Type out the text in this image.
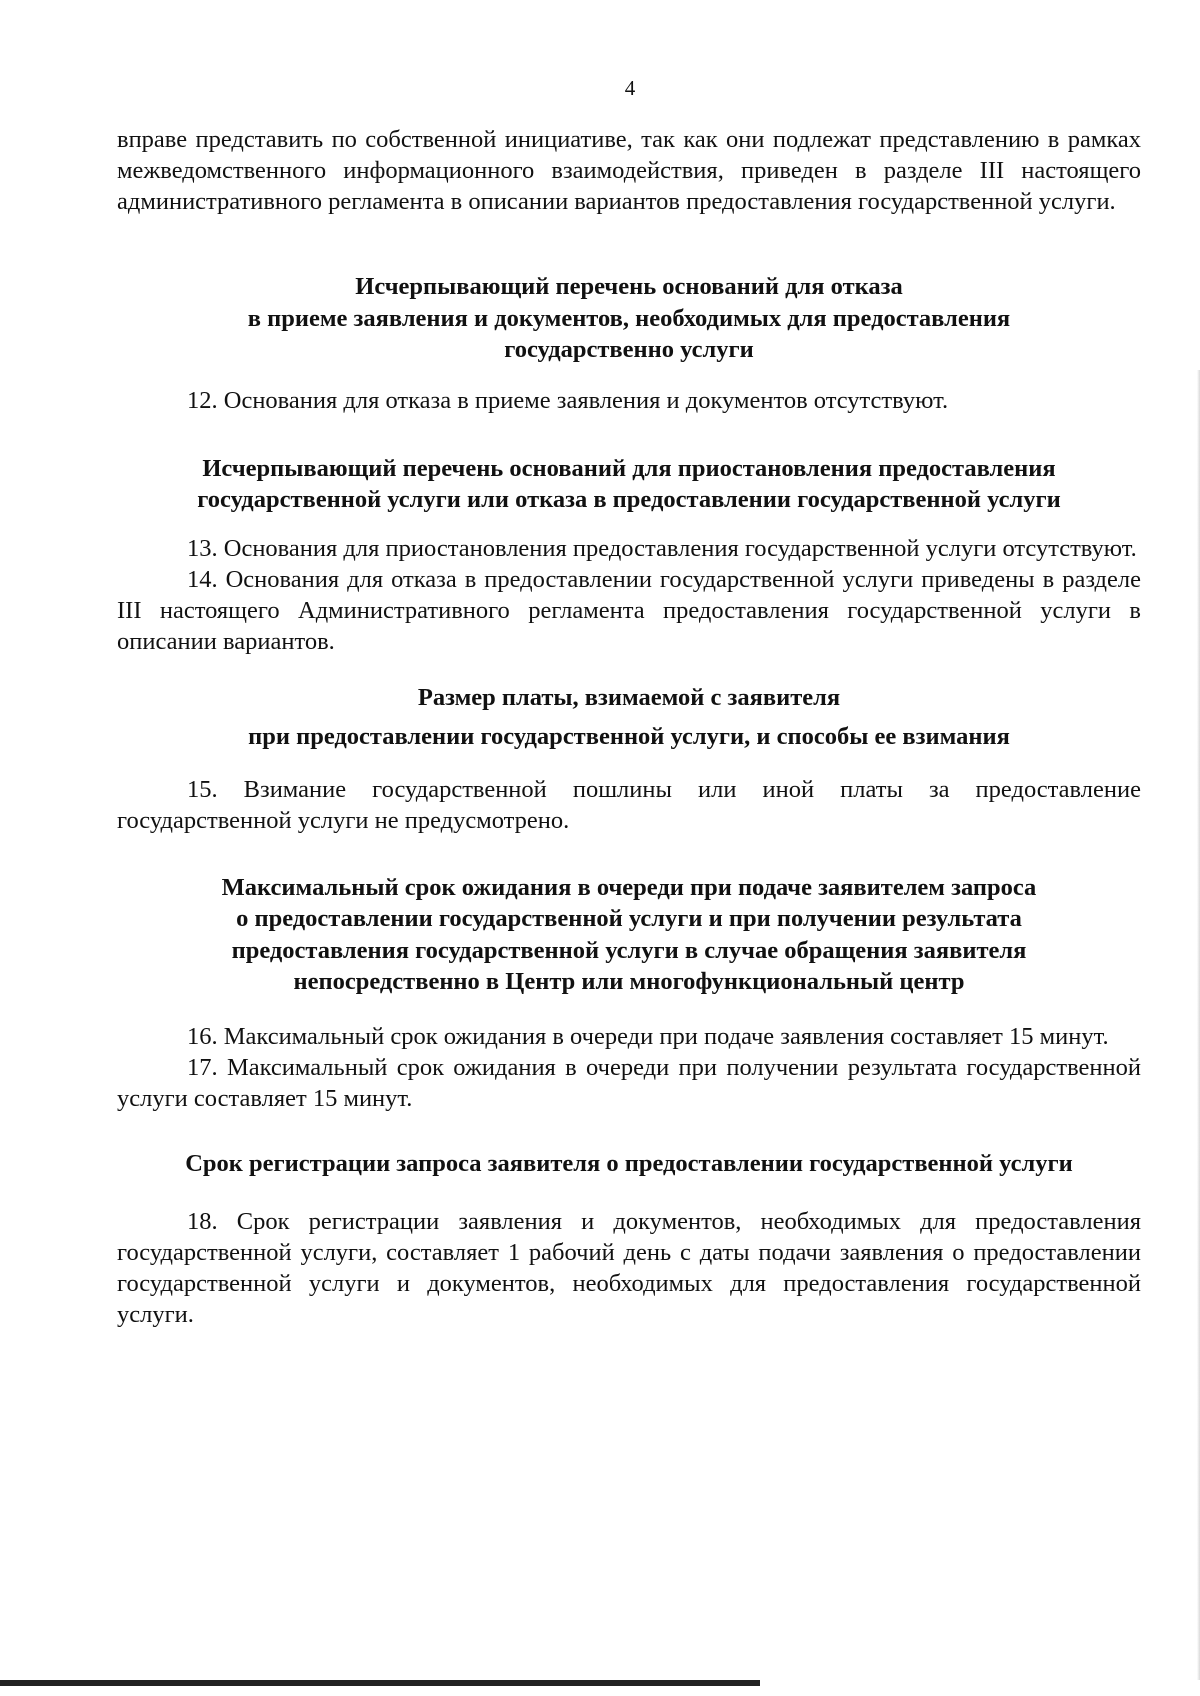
4

вправе представить по собственной инициативе, так как они подлежат представлению в рамках межведомственного информационного взаимодействия, приведен в разделе III настоящего административного регламента в описании вариантов предоставления государственной услуги.

Исчерпывающий перечень оснований для отказа
в приеме заявления и документов, необходимых для предоставления
государственно услуги

12. Основания для отказа в приеме заявления и документов отсутствуют.

Исчерпывающий перечень оснований для приостановления предоставления
государственной услуги или отказа в предоставлении государственной услуги

13. Основания для приостановления предоставления государственной услуги отсутствуют.

14. Основания для отказа в предоставлении государственной услуги приведены в разделе III настоящего Административного регламента предоставления государственной услуги в описании вариантов.

Размер платы, взимаемой с заявителя
при предоставлении государственной услуги, и способы ее взимания

15. Взимание государственной пошлины или иной платы за предоставление государственной услуги не предусмотрено.

Максимальный срок ожидания в очереди при подаче заявителем запроса
о предоставлении государственной услуги и при получении результата
предоставления государственной услуги в случае обращения заявителя
непосредственно в Центр или многофункциональный центр

16. Максимальный срок ожидания в очереди при подаче заявления составляет 15 минут.

17. Максимальный срок ожидания в очереди при получении результата государственной услуги составляет 15 минут.

Срок регистрации запроса заявителя о предоставлении государственной услуги

18. Срок регистрации заявления и документов, необходимых для предоставления государственной услуги, составляет 1 рабочий день с даты подачи заявления о предоставлении государственной услуги и документов, необходимых для предоставления государственной услуги.
